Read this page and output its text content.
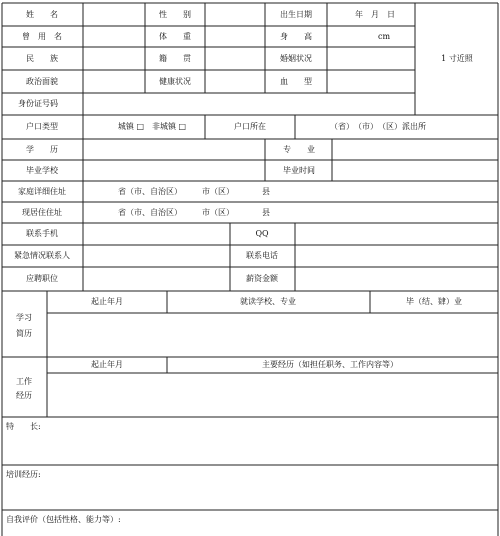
姓　　名	性　　别	出生日期	年　月　日
曾　用　名	体　　重	身　　高	cm
1 寸近照
民　　族	籍　　贯	婚姻状况
政治面貌	健康状况	血　　型
身份证号码
户口类型	城镇 □　非城镇 □	户口所在	（省）　（市）　（区）派出所
学　　历	专　　业
毕业学校	毕业时间
家庭详细住址	省（市、自治区）　　　市（区）　　　　县
现居住住址	省（市、自治区）　　　市（区）　　　　县
联系手机	QQ
紧急情况联系人	联系电话
应聘职位	薪资金额
学习
简历
起止年月	就读学校、专业	毕（结、肄）业
工作
经历
起止年月	主要经历（如担任职务、工作内容等）
特　　长:
培训经历:
自我评价（包括性格、能力等）:
